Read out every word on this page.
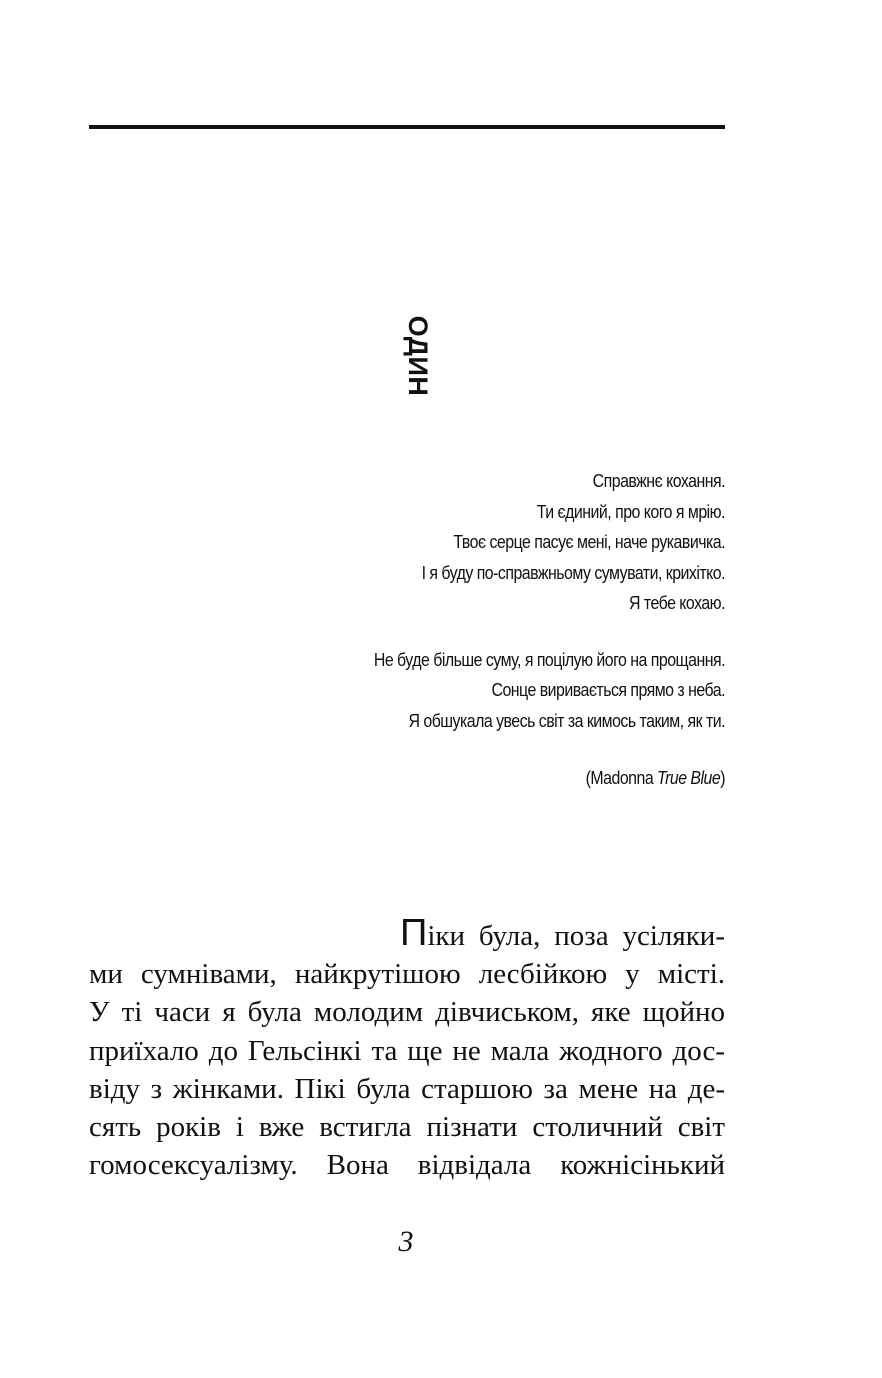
ОДИН
Справжнє кохання.
Ти єдиний, про кого я мрію.
Твоє серце пасує мені, наче рукавичка.
І я буду по-справжньому сумувати, крихітко.
Я тебе кохаю.
Не буде більше суму, я поцілую його на прощання.
Сонце виривається прямо з неба.
Я обшукала увесь світ за кимось таким, як ти.
(Madonna True Blue)
Піки була, поза усіляки-
ми сумнівами, найкрутішою лесбійкою у місті.
У ті часи я була молодим дівчиськом, яке щойно
приїхало до Гельсінкі та ще не мала жодного дос-
віду з жінками. Пікі була старшою за мене на де-
сять років і вже встигла пізнати столичний світ
гомосексуалізму. Вона відвідала кожнісінький
3
